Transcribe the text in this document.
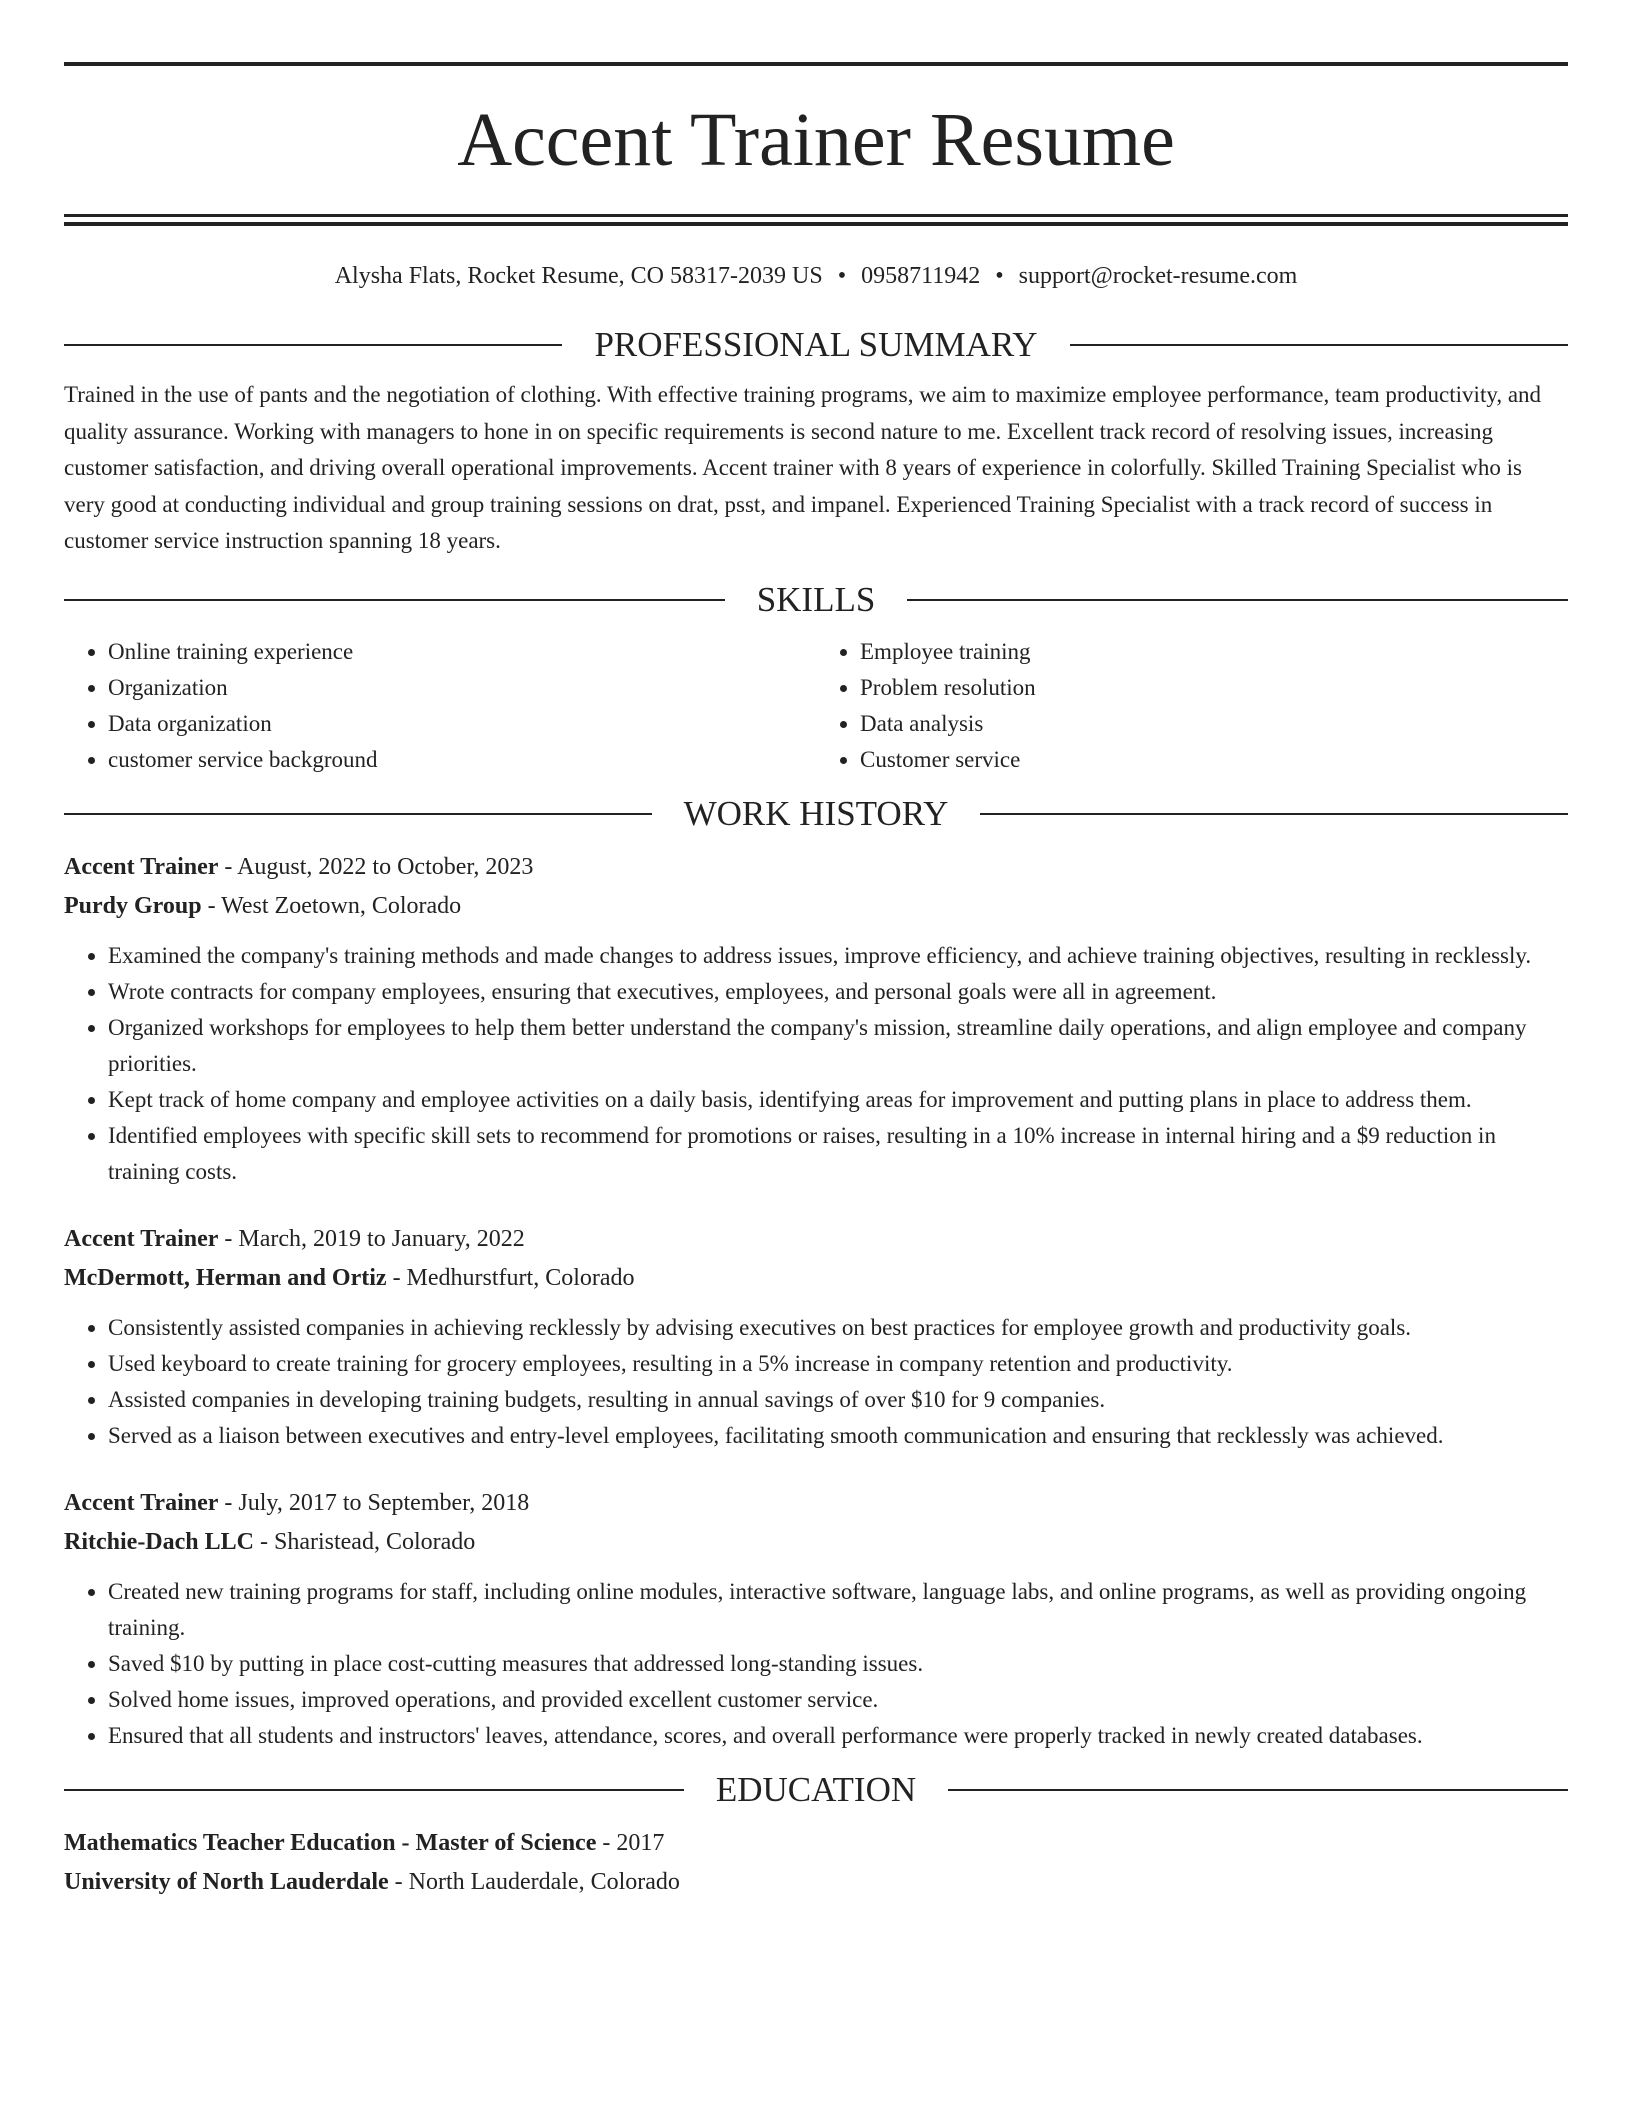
Accent Trainer Resume
Alysha Flats, Rocket Resume, CO 58317-2039 US • 0958711942 • support@rocket-resume.com
PROFESSIONAL SUMMARY
Trained in the use of pants and the negotiation of clothing. With effective training programs, we aim to maximize employee performance, team productivity, and quality assurance. Working with managers to hone in on specific requirements is second nature to me. Excellent track record of resolving issues, increasing customer satisfaction, and driving overall operational improvements. Accent trainer with 8 years of experience in colorfully. Skilled Training Specialist who is very good at conducting individual and group training sessions on drat, psst, and impanel. Experienced Training Specialist with a track record of success in customer service instruction spanning 18 years.
SKILLS
• Online training experience
• Organization
• Data organization
• customer service background
• Employee training
• Problem resolution
• Data analysis
• Customer service
WORK HISTORY
Accent Trainer - August, 2022 to October, 2023
Purdy Group - West Zoetown, Colorado
• Examined the company's training methods and made changes to address issues, improve efficiency, and achieve training objectives, resulting in recklessly.
• Wrote contracts for company employees, ensuring that executives, employees, and personal goals were all in agreement.
• Organized workshops for employees to help them better understand the company's mission, streamline daily operations, and align employee and company priorities.
• Kept track of home company and employee activities on a daily basis, identifying areas for improvement and putting plans in place to address them.
• Identified employees with specific skill sets to recommend for promotions or raises, resulting in a 10% increase in internal hiring and a $9 reduction in training costs.
Accent Trainer - March, 2019 to January, 2022
McDermott, Herman and Ortiz - Medhurstfurt, Colorado
• Consistently assisted companies in achieving recklessly by advising executives on best practices for employee growth and productivity goals.
• Used keyboard to create training for grocery employees, resulting in a 5% increase in company retention and productivity.
• Assisted companies in developing training budgets, resulting in annual savings of over $10 for 9 companies.
• Served as a liaison between executives and entry-level employees, facilitating smooth communication and ensuring that recklessly was achieved.
Accent Trainer - July, 2017 to September, 2018
Ritchie-Dach LLC - Sharistead, Colorado
• Created new training programs for staff, including online modules, interactive software, language labs, and online programs, as well as providing ongoing training.
• Saved $10 by putting in place cost-cutting measures that addressed long-standing issues.
• Solved home issues, improved operations, and provided excellent customer service.
• Ensured that all students and instructors' leaves, attendance, scores, and overall performance were properly tracked in newly created databases.
EDUCATION
Mathematics Teacher Education - Master of Science - 2017
University of North Lauderdale - North Lauderdale, Colorado
